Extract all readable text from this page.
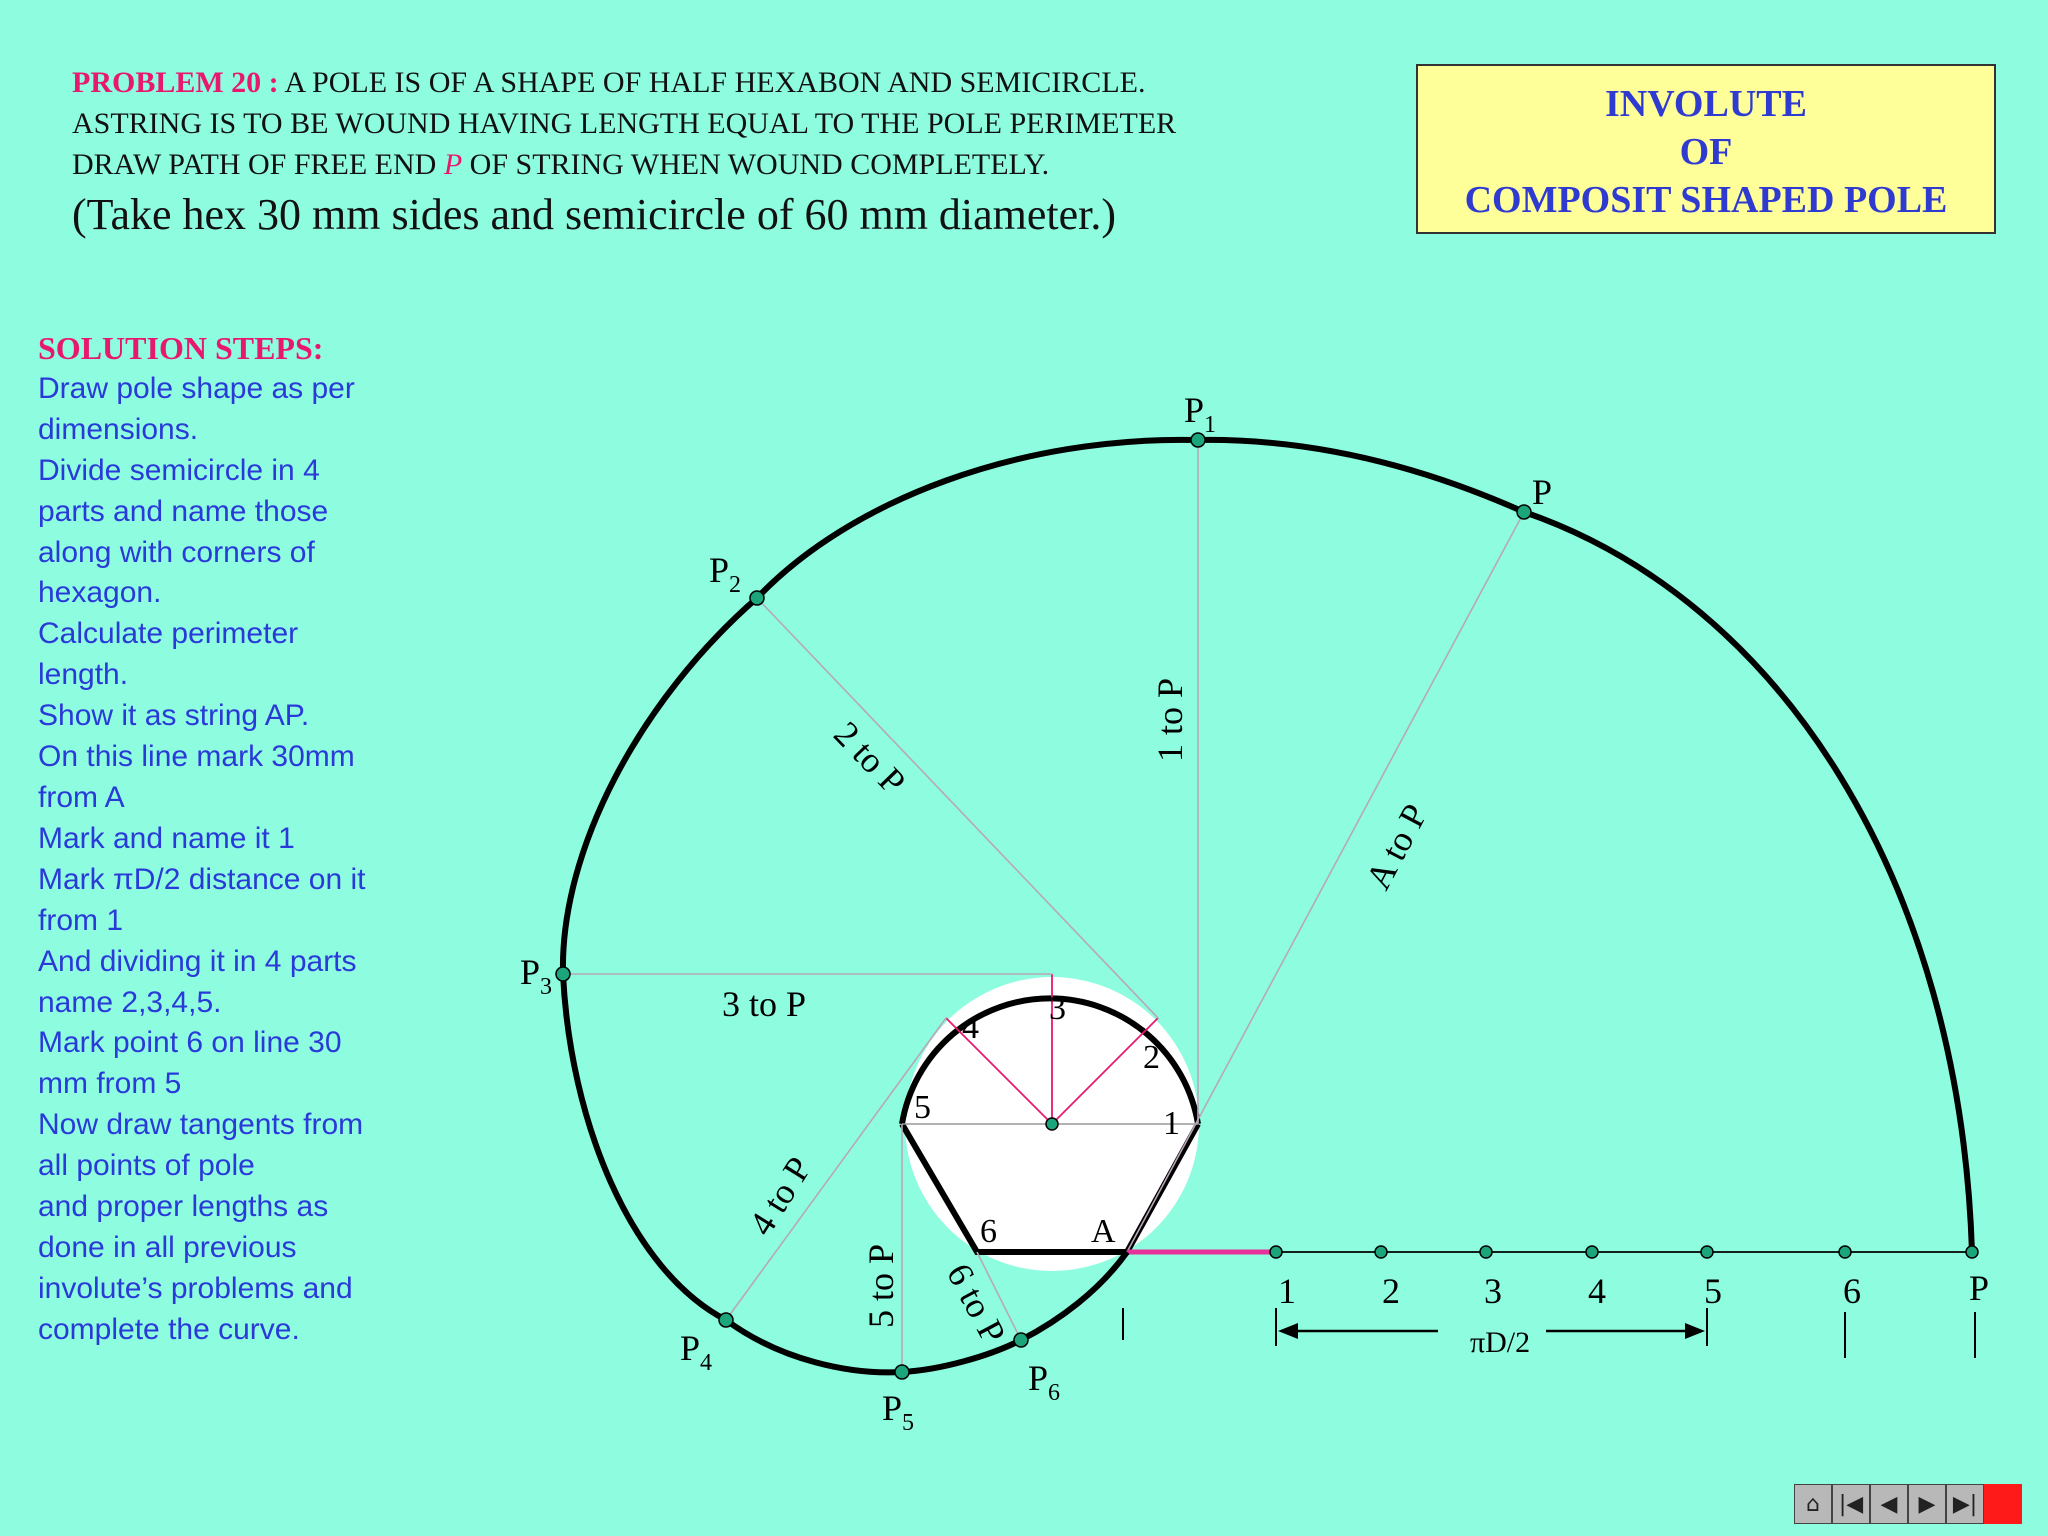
PROBLEM 20 : A POLE IS OF A SHAPE OF HALF HEXABON AND SEMICIRCLE.
ASTRING IS TO BE WOUND HAVING LENGTH EQUAL TO THE POLE PERIMETER
DRAW PATH OF FREE END P OF STRING WHEN WOUND COMPLETELY.
(Take hex 30 mm sides and semicircle of 60 mm diameter.)
INVOLUTE
OF
COMPOSIT SHAPED POLE
SOLUTION STEPS:
Draw pole shape as per
dimensions.
Divide semicircle in 4
parts and name those
along with corners of
hexagon.
Calculate perimeter
length.
Show it as string AP.
On this line mark 30mm
from A
Mark and name it 1
Mark πD/2 distance on it
from 1
And dividing it in 4 parts
name 2,3,4,5.
Mark point 6 on line 30
mm from 5
Now draw tangents from
all points of pole
and proper lengths as
done in all previous
involute’s problems and
complete the curve.	πD/2
1
2
3
4
5
6	A
1 2 3 4	5	6	P
$P_1$
P
$P_2$
$P_3$
$P_4$
$P_5$
$P_6$
1 to P
2 to P
3 to P
4 to P
5 to P 6 to P
A to P
⌂ |◀ ◀ ▶ ▶|
